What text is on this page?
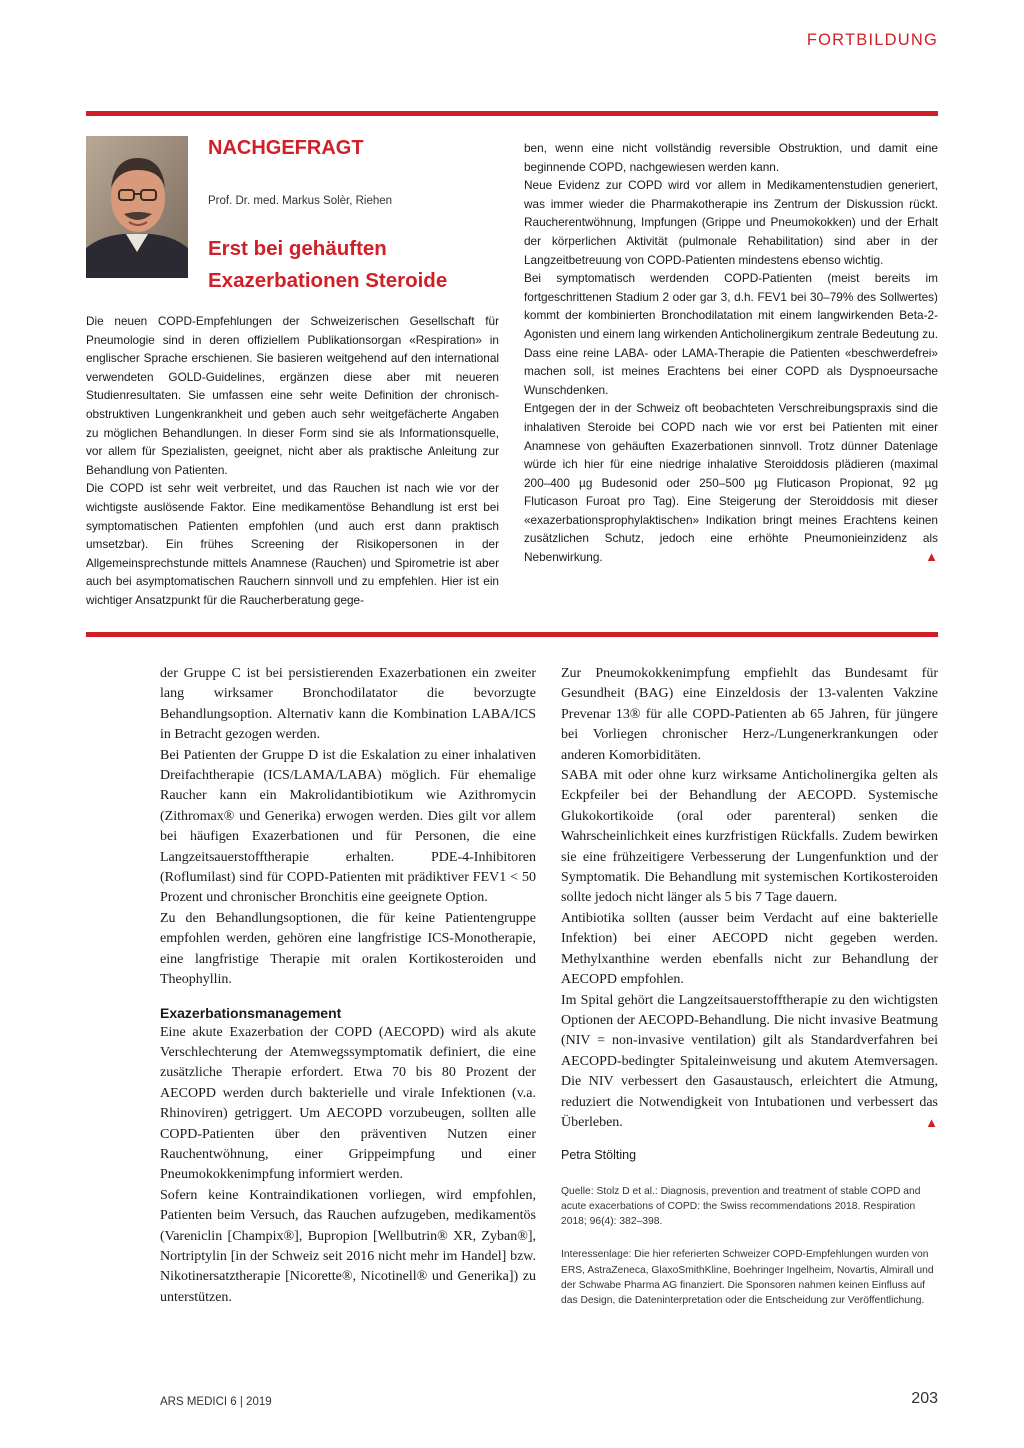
FORTBILDUNG
NACHGEFRAGT
Prof. Dr. med. Markus Solèr, Riehen
Erst bei gehäuften
Exazerbationen Steroide

Die neuen COPD-Empfehlungen der Schweizerischen Gesellschaft für Pneumologie sind in deren offiziellem Publikationsorgan «Respiration» in englischer Sprache erschienen. Sie basieren weitgehend auf den international verwendeten GOLD-Guidelines, ergänzen diese aber mit neueren Studienresultaten. Sie umfassen eine sehr weite Definition der chronisch-obstruktiven Lungenkrankheit und geben auch sehr weitgefächerte Angaben zu möglichen Behandlungen. In dieser Form sind sie als Informationsquelle, vor allem für Spezialisten, geeignet, nicht aber als praktische Anleitung zur Behandlung von Patienten.

Die COPD ist sehr weit verbreitet, und das Rauchen ist nach wie vor der wichtigste auslösende Faktor. Eine medikamentöse Behandlung ist erst bei symptomatischen Patienten empfohlen (und auch erst dann praktisch umsetzbar). Ein frühes Screening der Risikopersonen in der Allgemeinsprechstunde mittels Anamnese (Rauchen) und Spirometrie ist aber auch bei asymptomatischen Rauchern sinnvoll und zu empfehlen. Hier ist ein wichtiger Ansatzpunkt für die Raucherberatung gege-

ben, wenn eine nicht vollständig reversible Obstruktion, und damit eine beginnende COPD, nachgewiesen werden kann.

Neue Evidenz zur COPD wird vor allem in Medikamentenstudien generiert, was immer wieder die Pharmakotherapie ins Zentrum der Diskussion rückt. Raucherentwöhnung, Impfungen (Grippe und Pneumokokken) und der Erhalt der körperlichen Aktivität (pulmonale Rehabilitation) sind aber in der Langzeitbetreuung von COPD-Patienten mindestens ebenso wichtig.

Bei symptomatisch werdenden COPD-Patienten (meist bereits im fortgeschrittenen Stadium 2 oder gar 3, d.h. FEV1 bei 30–79% des Sollwertes) kommt der kombinierten Bronchodilatation mit einem langwirkenden Beta-2-Agonisten und einem lang wirkenden Anticholinergikum zentrale Bedeutung zu. Dass eine reine LABA- oder LAMA-Therapie die Patienten «beschwerdefrei» machen soll, ist meines Erachtens bei einer COPD als Dyspnoeursache Wunschdenken.

Entgegen der in der Schweiz oft beobachteten Verschreibungspraxis sind die inhalativen Steroide bei COPD nach wie vor erst bei Patienten mit einer Anamnese von gehäuften Exazerbationen sinnvoll. Trotz dünner Datenlage würde ich hier für eine niedrige inhalative Steroiddosis plädieren (maximal 200–400 µg Budesonid oder 250–500 µg Fluticason Propionat, 92 µg Fluticason Furoat pro Tag). Eine Steigerung der Steroiddosis mit dieser «exazerbationsprophylaktischen» Indikation bringt meines Erachtens keinen zusätzlichen Schutz, jedoch eine erhöhte Pneumonieinzidenz als Nebenwirkung.	▲

der Gruppe C ist bei persistierenden Exazerbationen ein zweiter lang wirksamer Bronchodilatator die bevorzugte Behandlungsoption. Alternativ kann die Kombination LABA/ICS in Betracht gezogen werden.

Bei Patienten der Gruppe D ist die Eskalation zu einer inhalativen Dreifachtherapie (ICS/LAMA/LABA) möglich. Für ehemalige Raucher kann ein Makrolidantibiotikum wie Azithromycin (Zithromax® und Generika) erwogen werden. Dies gilt vor allem bei häufigen Exazerbationen und für Personen, die eine Langzeitsauerstofftherapie erhalten. PDE-4-Inhibitoren (Roflumilast) sind für COPD-Patienten mit prädiktiver FEV1 < 50 Prozent und chronischer Bronchitis eine geeignete Option.

Zu den Behandlungsoptionen, die für keine Patientengruppe empfohlen werden, gehören eine langfristige ICS-Monotherapie, eine langfristige Therapie mit oralen Kortikosteroiden und Theophyllin.

Exazerbationsmanagement

Eine akute Exazerbation der COPD (AECOPD) wird als akute Verschlechterung der Atemwegssymptomatik definiert, die eine zusätzliche Therapie erfordert. Etwa 70 bis 80 Prozent der AECOPD werden durch bakterielle und virale Infektionen (v.a. Rhinoviren) getriggert. Um AECOPD vorzubeugen, sollten alle COPD-Patienten über den präventiven Nutzen einer Rauchentwöhnung, einer Grippeimpfung und einer Pneumokokkenimpfung informiert werden.

Sofern keine Kontraindikationen vorliegen, wird empfohlen, Patienten beim Versuch, das Rauchen aufzugeben, medikamentös (Vareniclin [Champix®], Bupropion [Wellbutrin® XR, Zyban®], Nortriptylin [in der Schweiz seit 2016 nicht mehr im Handel] bzw. Nikotinersatztherapie [Nicorette®, Nicotinell® und Generika]) zu unterstützen.

Zur Pneumokokkenimpfung empfiehlt das Bundesamt für Gesundheit (BAG) eine Einzeldosis der 13-valenten Vakzine Prevenar 13® für alle COPD-Patienten ab 65 Jahren, für jüngere bei Vorliegen chronischer Herz-/Lungenerkrankungen oder anderen Komorbiditäten.

SABA mit oder ohne kurz wirksame Anticholinergika gelten als Eckpfeiler bei der Behandlung der AECOPD. Systemische Glukokortikoide (oral oder parenteral) senken die Wahrscheinlichkeit eines kurzfristigen Rückfalls. Zudem bewirken sie eine frühzeitigere Verbesserung der Lungenfunktion und der Symptomatik. Die Behandlung mit systemischen Kortikosteroiden sollte jedoch nicht länger als 5 bis 7 Tage dauern.

Antibiotika sollten (ausser beim Verdacht auf eine bakterielle Infektion) bei einer AECOPD nicht gegeben werden. Methylxanthine werden ebenfalls nicht zur Behandlung der AECOPD empfohlen.

Im Spital gehört die Langzeitsauerstofftherapie zu den wichtigsten Optionen der AECOPD-Behandlung. Die nicht invasive Beatmung (NIV = non-invasive ventilation) gilt als Standardverfahren bei AECOPD-bedingter Spitaleinweisung und akutem Atemversagen. Die NIV verbessert den Gasaustausch, erleichtert die Atmung, reduziert die Notwendigkeit von Intubationen und verbessert das Überleben.	▲

Petra Stölting

Quelle: Stolz D et al.: Diagnosis, prevention and treatment of stable COPD and acute exacerbations of COPD: the Swiss recommendations 2018. Respiration 2018; 96(4): 382–398.

Interessenlage: Die hier referierten Schweizer COPD-Empfehlungen wurden von ERS, AstraZeneca, GlaxoSmithKline, Boehringer Ingelheim, Novartis, Almirall und der Schwabe Pharma AG finanziert. Die Sponsoren nahmen keinen Einfluss auf das Design, die Dateninterpretation oder die Entscheidung zur Veröffentlichung.

ARS MEDICI 6 | 2019	203
